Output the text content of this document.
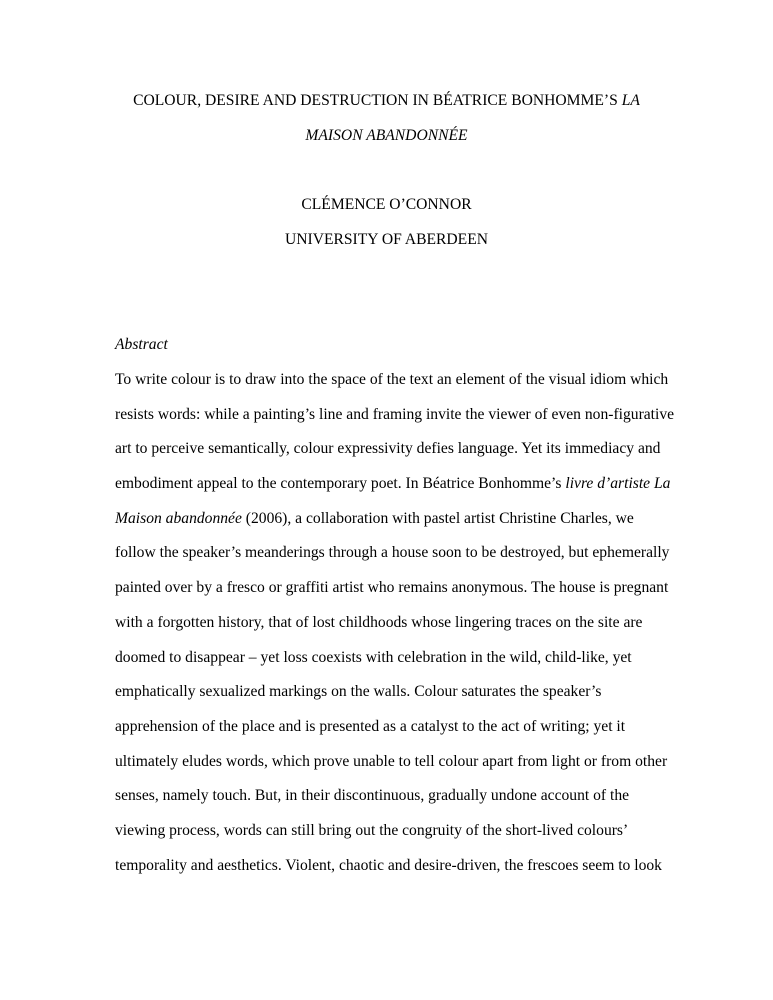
COLOUR, DESIRE AND DESTRUCTION IN BÉATRICE BONHOMME’S LA
MAISON ABANDONNÉE
CLÉMENCE O’CONNOR
UNIVERSITY OF ABERDEEN
Abstract
To write colour is to draw into the space of the text an element of the visual idiom which
resists words: while a painting’s line and framing invite the viewer of even non-figurative
art to perceive semantically, colour expressivity defies language. Yet its immediacy and
embodiment appeal to the contemporary poet. In Béatrice Bonhomme’s livre d’artiste La
Maison abandonnée (2006), a collaboration with pastel artist Christine Charles, we
follow the speaker’s meanderings through a house soon to be destroyed, but ephemerally
painted over by a fresco or graffiti artist who remains anonymous. The house is pregnant
with a forgotten history, that of lost childhoods whose lingering traces on the site are
doomed to disappear – yet loss coexists with celebration in the wild, child-like, yet
emphatically sexualized markings on the walls. Colour saturates the speaker’s
apprehension of the place and is presented as a catalyst to the act of writing; yet it
ultimately eludes words, which prove unable to tell colour apart from light or from other
senses, namely touch. But, in their discontinuous, gradually undone account of the
viewing process, words can still bring out the congruity of the short-lived colours’
temporality and aesthetics. Violent, chaotic and desire-driven, the frescoes seem to look
